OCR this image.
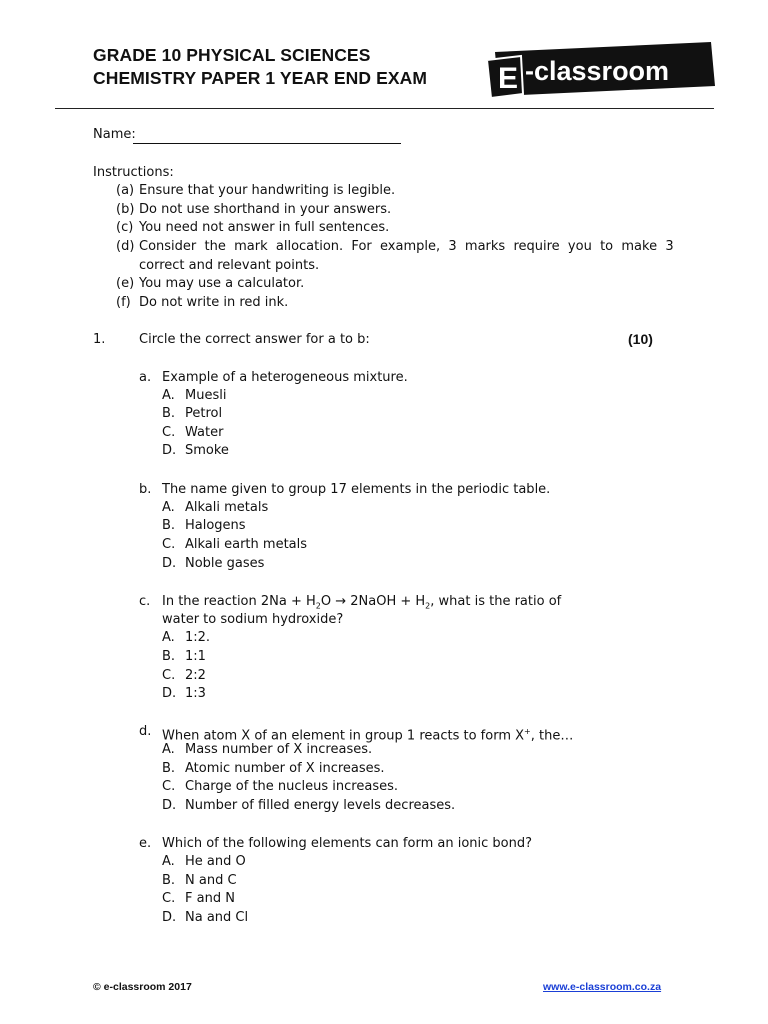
GRADE 10 PHYSICAL SCIENCES
CHEMISTRY PAPER 1 YEAR END EXAM E -classroom
Name:
Instructions:
(a) Ensure that your handwriting is legible.
(b) Do not use shorthand in your answers.
(c) You need not answer in full sentences.
(d) Consider  the  mark  allocation.  For  example,  3  marks  require  you  to  make  3
correct and relevant points.
(e) You may use a calculator.
(f) Do not write in red ink.
1.	Circle the correct answer for a to b:	(10)
a. Example of a heterogeneous mixture.
A. Muesli
B. Petrol
C. Water
D. Smoke
b. The name given to group 17 elements in the periodic table.
A. Alkali metals
B. Halogens
C. Alkali earth metals
D. Noble gases
c. In the reaction $2Na + H_2O$ → 2NaOH + $H_2$, what is the ratio of
water to sodium hydroxide?
A. 1:2.
B. 1:1
C. 2:2
D. 1:3
d. When atom X of an element in group 1 reacts to form X+, the…
A. Mass number of X increases.
B. Atomic number of X increases.
C. Charge of the nucleus increases.
D. Number of filled energy levels decreases.
e. Which of the following elements can form an ionic bond?
A. He and O
B. N and C
C. F and N
D. Na and Cl
© e-classroom 2017	www.e-classroom.co.za
